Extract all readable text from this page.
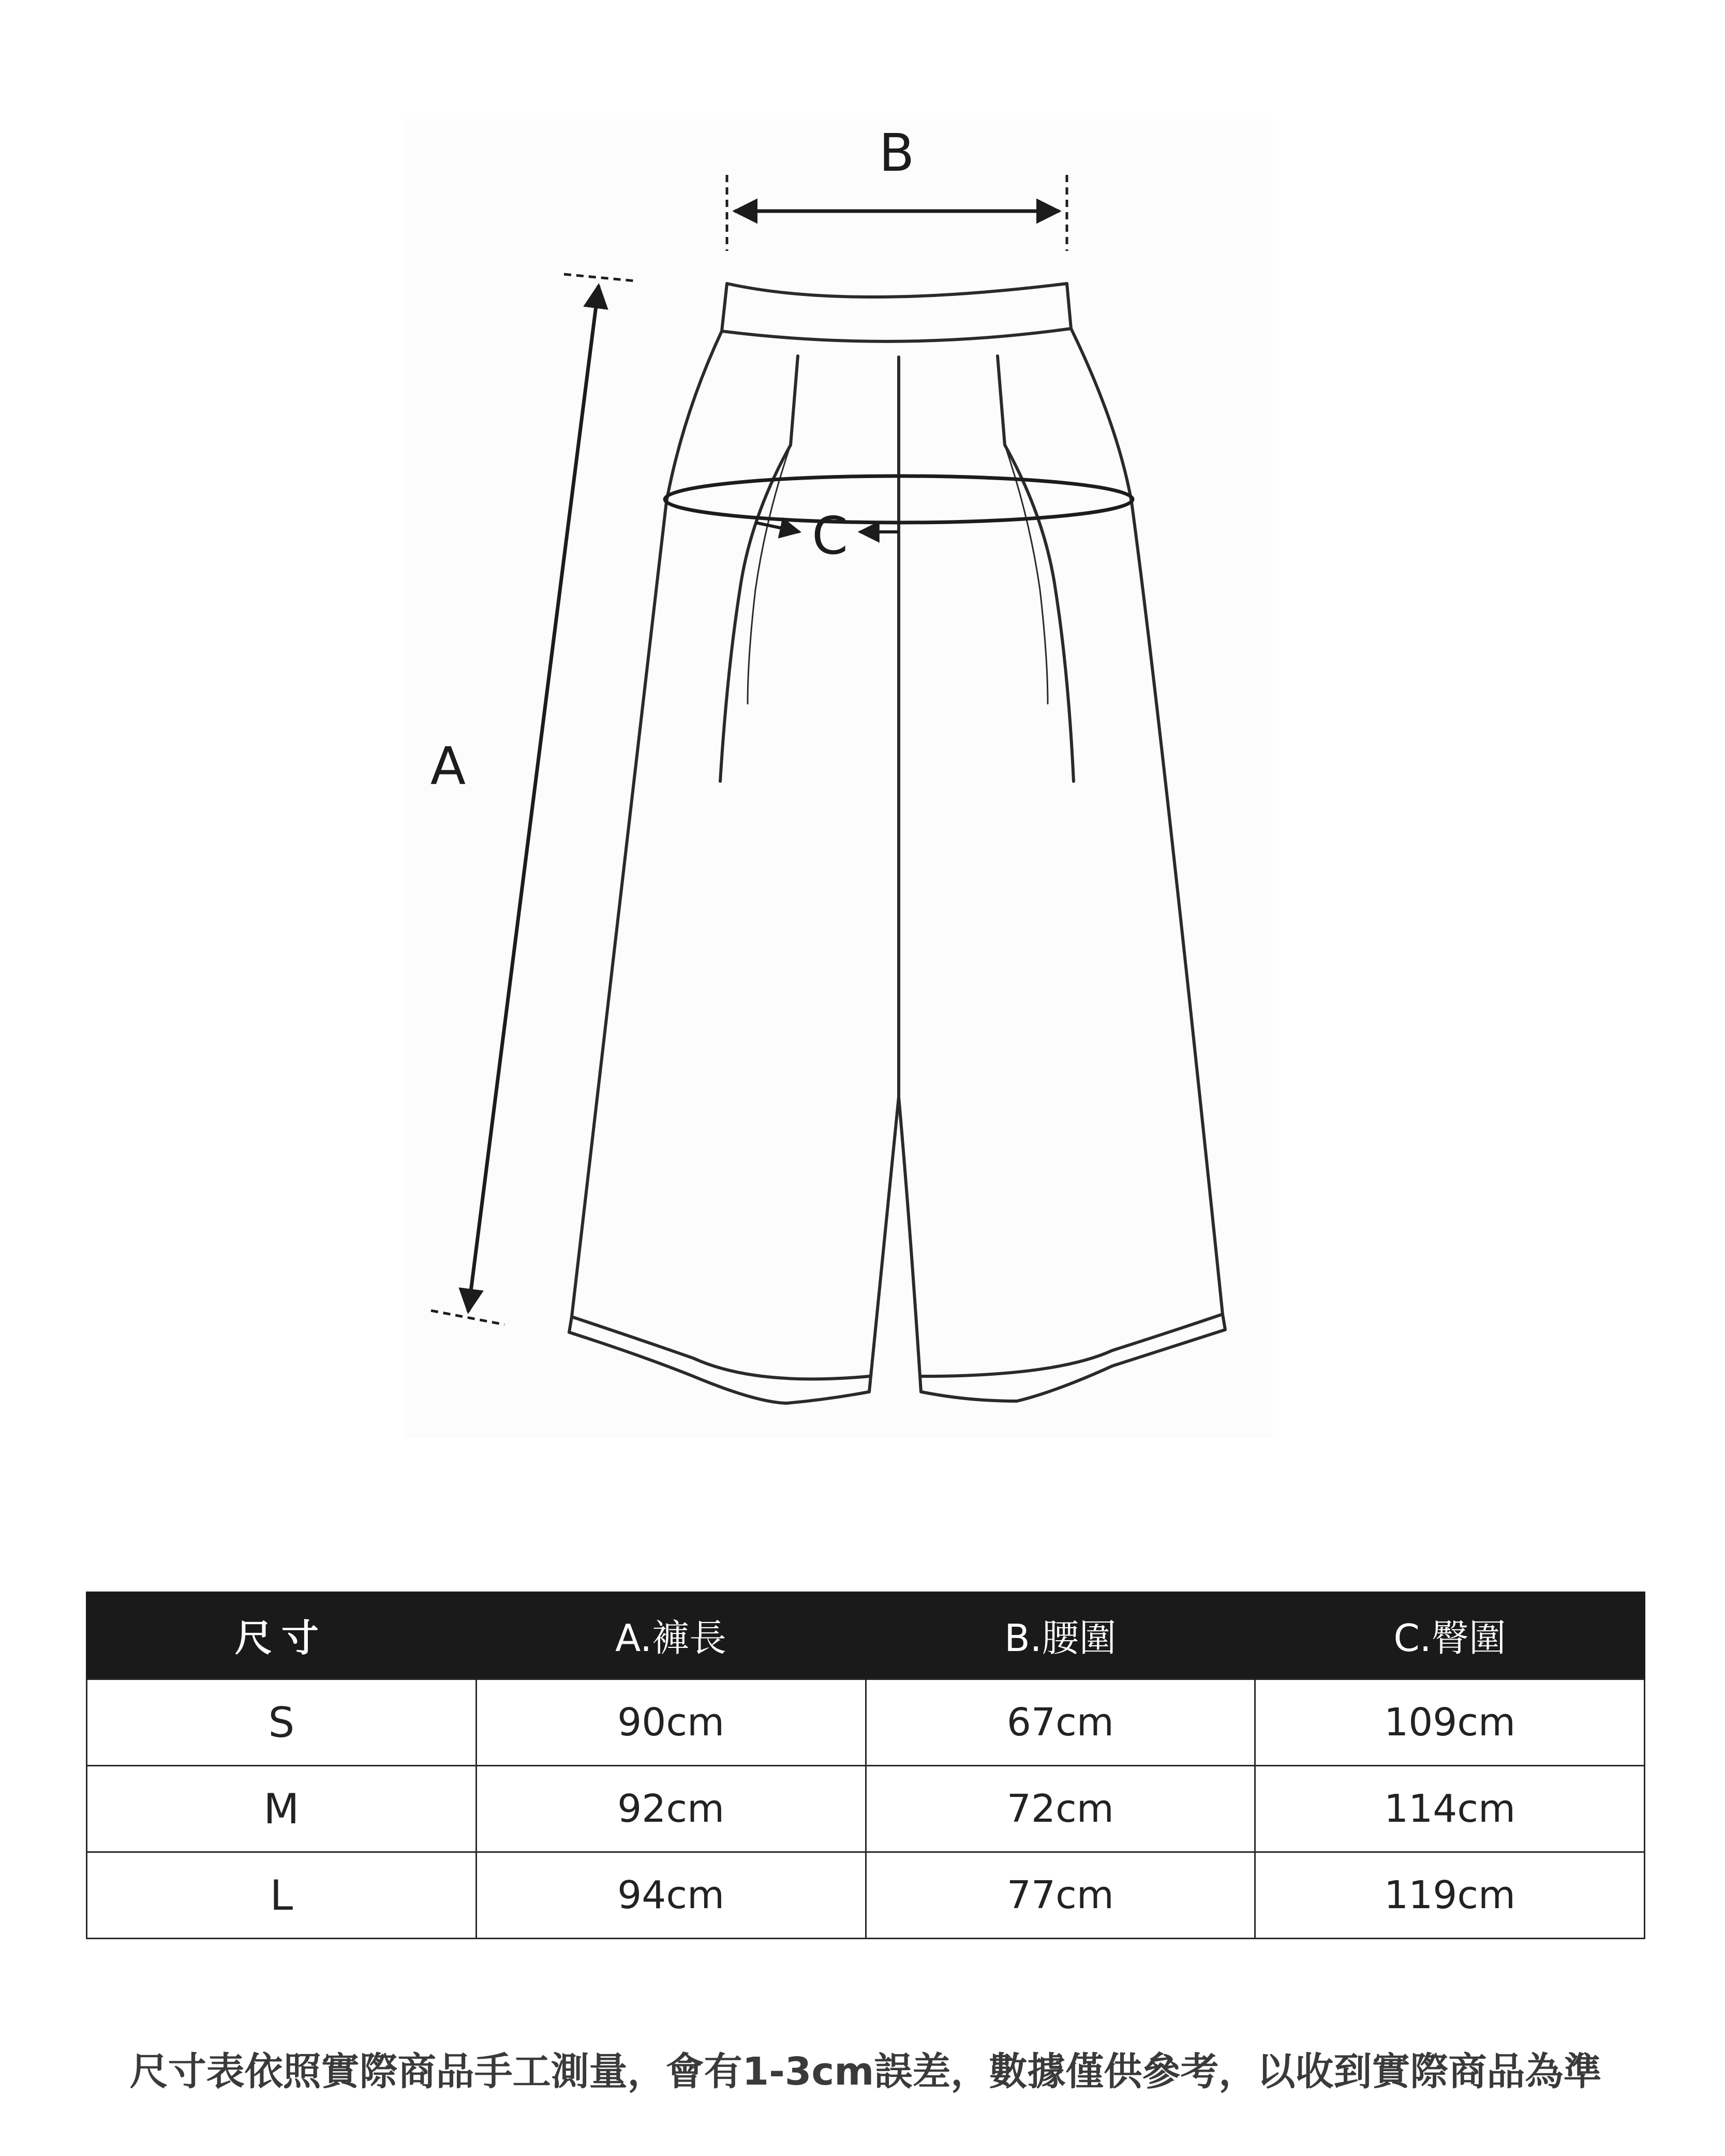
C
B
A
尺寸	A.褲長	B.腰圍	C.臀圍
S	90cm	67cm	109cm
M	92cm	72cm	114cm
L	94cm	77cm	119cm
尺寸表依照實際商品手工測量，會有1-3cm誤差，數據僅供參考，以收到實際商品為準
